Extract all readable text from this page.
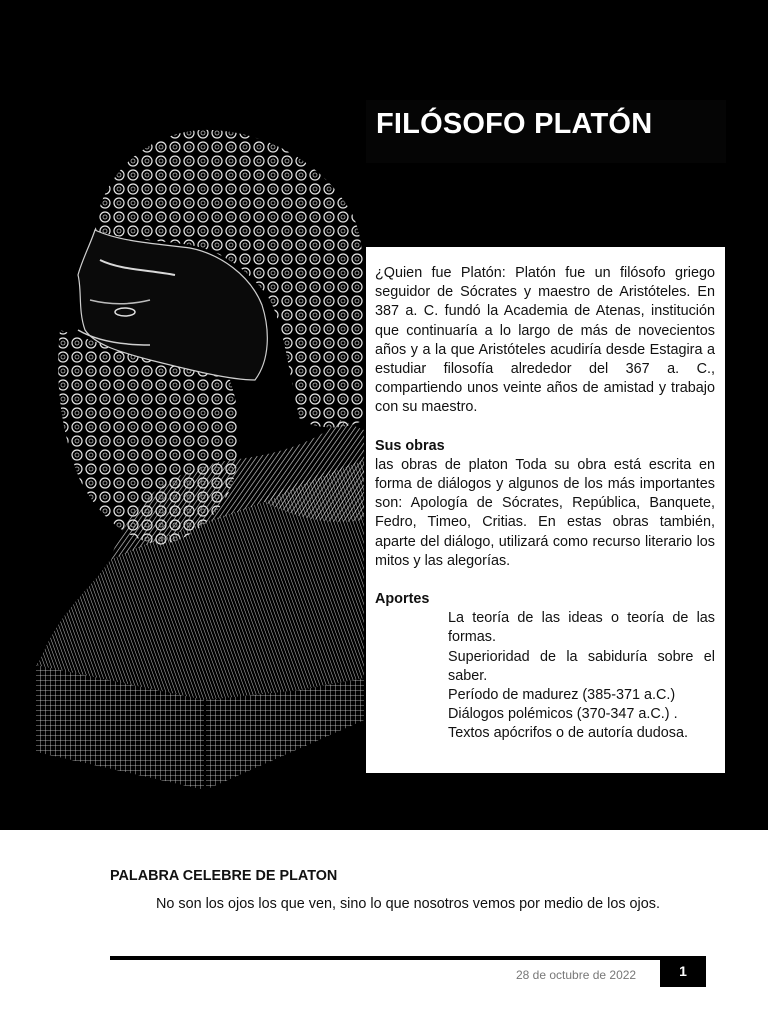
FILÓSOFO PLATÓN

¿Quien fue Platón: Platón fue un filósofo griego seguidor de Sócrates y maestro de Aristóteles. En 387 a. C. fundó la Academia de Atenas, institución que continuaría a lo largo de más de novecientos años y a la que Aristóteles acudiría desde Estagira a estudiar filosofía alrededor del 367 a. C., compartiendo unos veinte años de amistad y trabajo con su maestro.

Sus obras

las obras de platon Toda su obra está escrita en forma de diálogos y algunos de los más importantes son: Apología de Sócrates, República, Banquete, Fedro, Timeo, Critias. En estas obras también, aparte del diálogo, utilizará como recurso literario los mitos y las alegorías.

Aportes

La teoría de las ideas o teoría de las formas.
Superioridad de la sabiduría sobre el saber.
Período de madurez (385-371 a.C.)
Diálogos polémicos (370-347 a.C.) .
Textos apócrifos o de autoría dudosa.
PALABRA CELEBRE DE PLATON
No son los ojos los que ven, sino lo que nosotros vemos por medio de los ojos.
28 de octubre de 2022	1
